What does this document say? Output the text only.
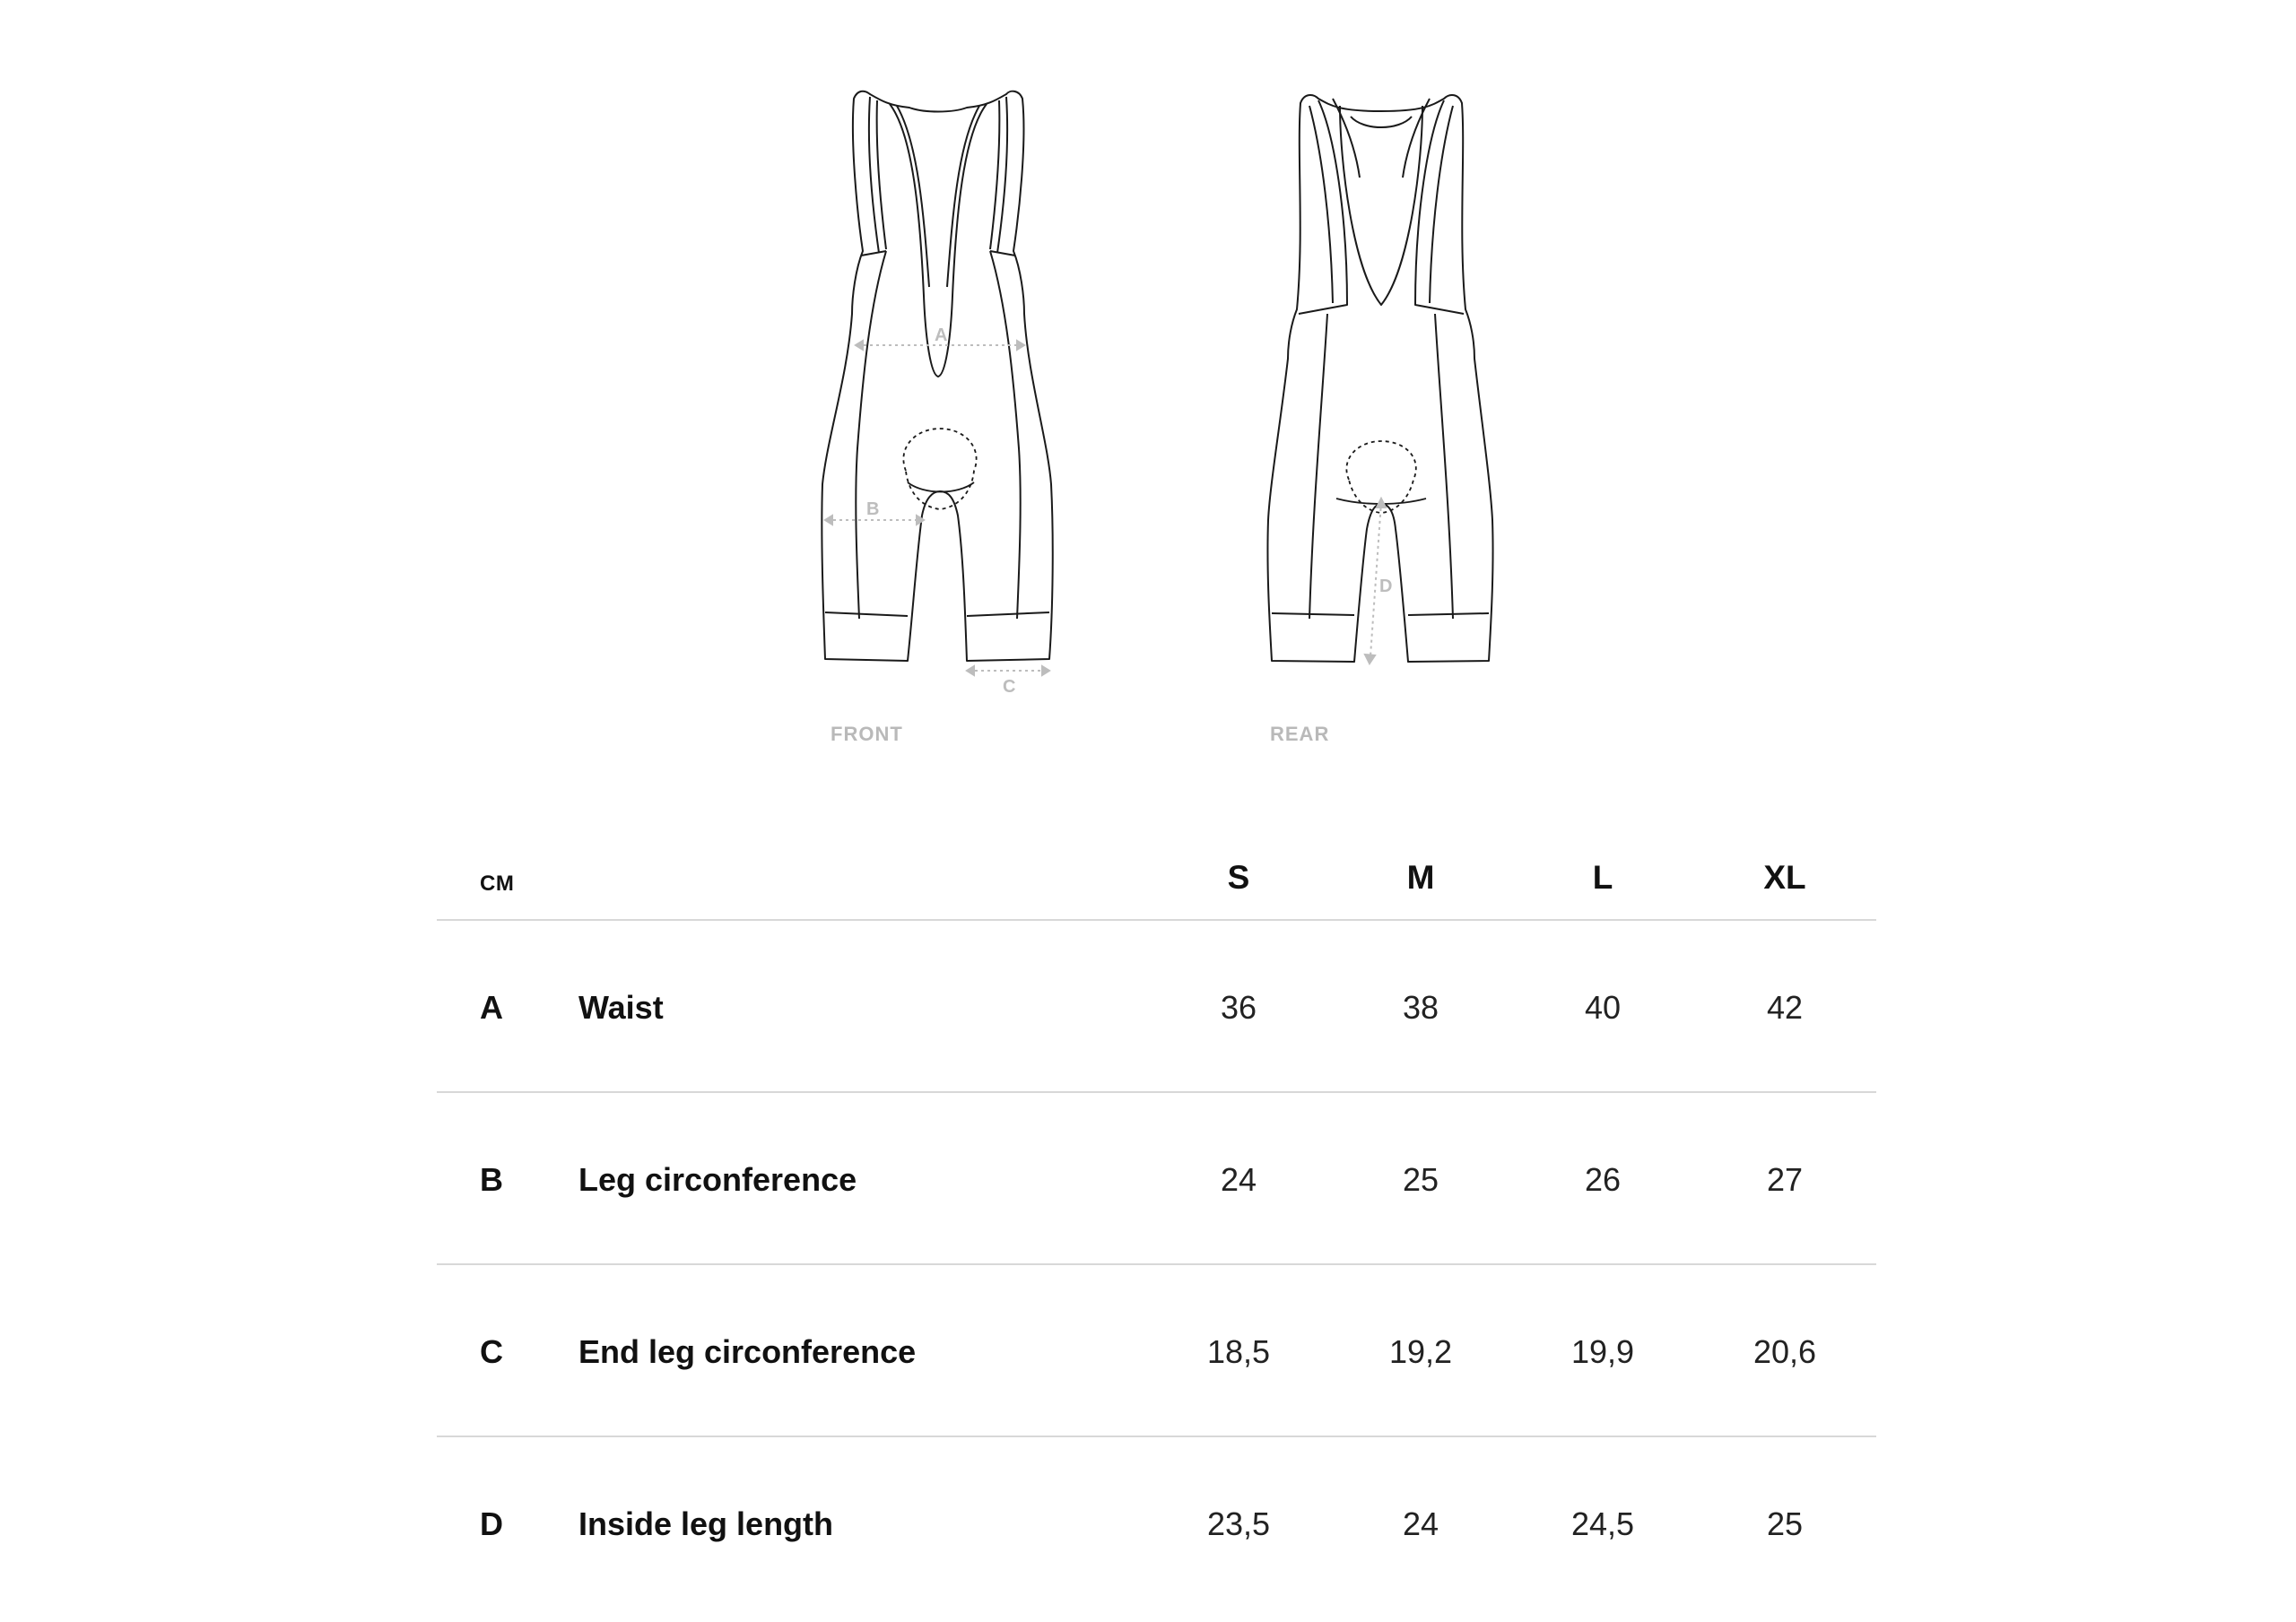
A
B
C
FRONT
D
REAR
CM	S	M	L	XL
A Waist	36	38	40	42
B Leg circonference	24	25	26	27
C End leg circonference	18,5	19,2	19,9	20,6
D Inside leg length	23,5	24	24,5	25
